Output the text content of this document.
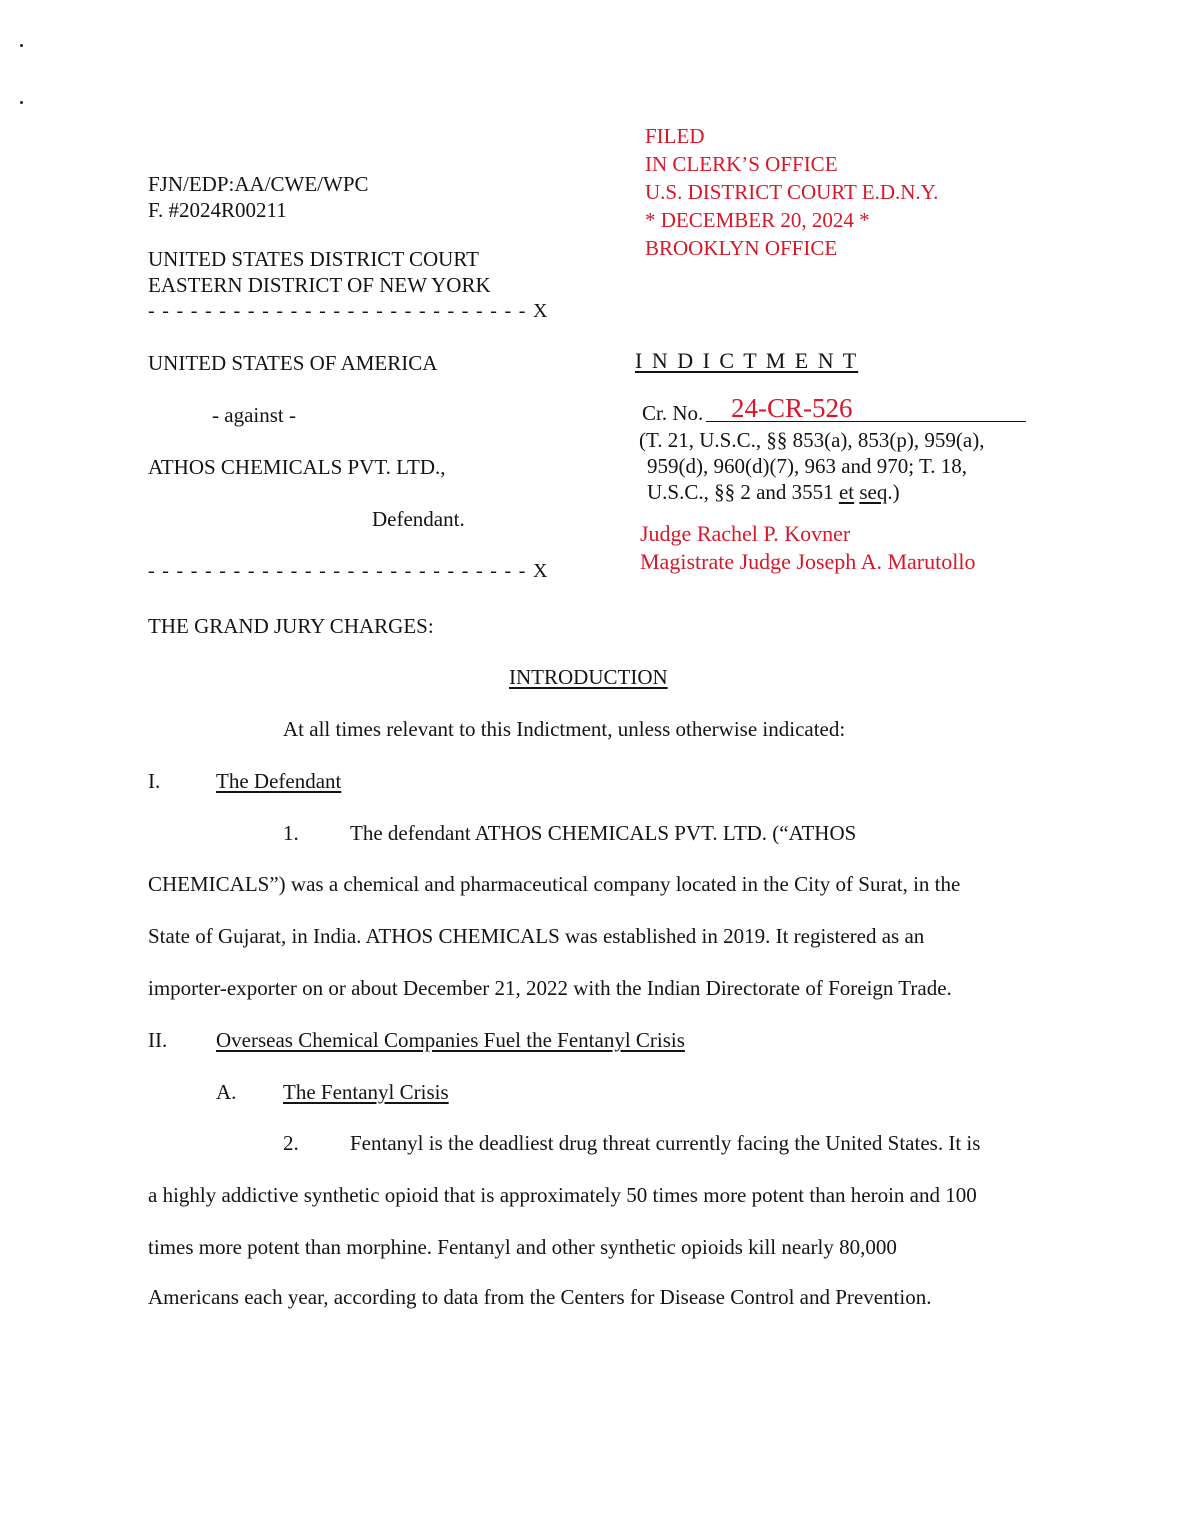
FJN/EDP:AA/CWE/WPC
F. #2024R00211
UNITED STATES DISTRICT COURT
EASTERN DISTRICT OF NEW YORK
- - - - - - - - - - - - - - - - - - - - - - - - - - - X
FILED
IN CLERK’S OFFICE
U.S. DISTRICT COURT E.D.N.Y.
* DECEMBER 20, 2024 *
BROOKLYN OFFICE
UNITED STATES OF AMERICA
- against -
ATHOS CHEMICALS PVT. LTD.,
Defendant.
- - - - - - - - - - - - - - - - - - - - - - - - - - - X
I N D I C T M E N T
Cr. No. 24-CR-526
(T. 21, U.S.C., §§ 853(a), 853(p), 959(a),
959(d), 960(d)(7), 963 and 970; T. 18,
U.S.C., §§ 2 and 3551 et seq.)
Judge Rachel P. Kovner
Magistrate Judge Joseph A. Marutollo
THE GRAND JURY CHARGES:
INTRODUCTION
At all times relevant to this Indictment, unless otherwise indicated:
I.	The Defendant
1. The defendant ATHOS CHEMICALS PVT. LTD. (“ATHOS
CHEMICALS”) was a chemical and pharmaceutical company located in the City of Surat, in the
State of Gujarat, in India. ATHOS CHEMICALS was established in 2019. It registered as an
importer-exporter on or about December 21, 2022 with the Indian Directorate of Foreign Trade.
II. Overseas Chemical Companies Fuel the Fentanyl Crisis
A. The Fentanyl Crisis
2. Fentanyl is the deadliest drug threat currently facing the United States. It is
a highly addictive synthetic opioid that is approximately 50 times more potent than heroin and 100
times more potent than morphine. Fentanyl and other synthetic opioids kill nearly 80,000
Americans each year, according to data from the Centers for Disease Control and Prevention.
